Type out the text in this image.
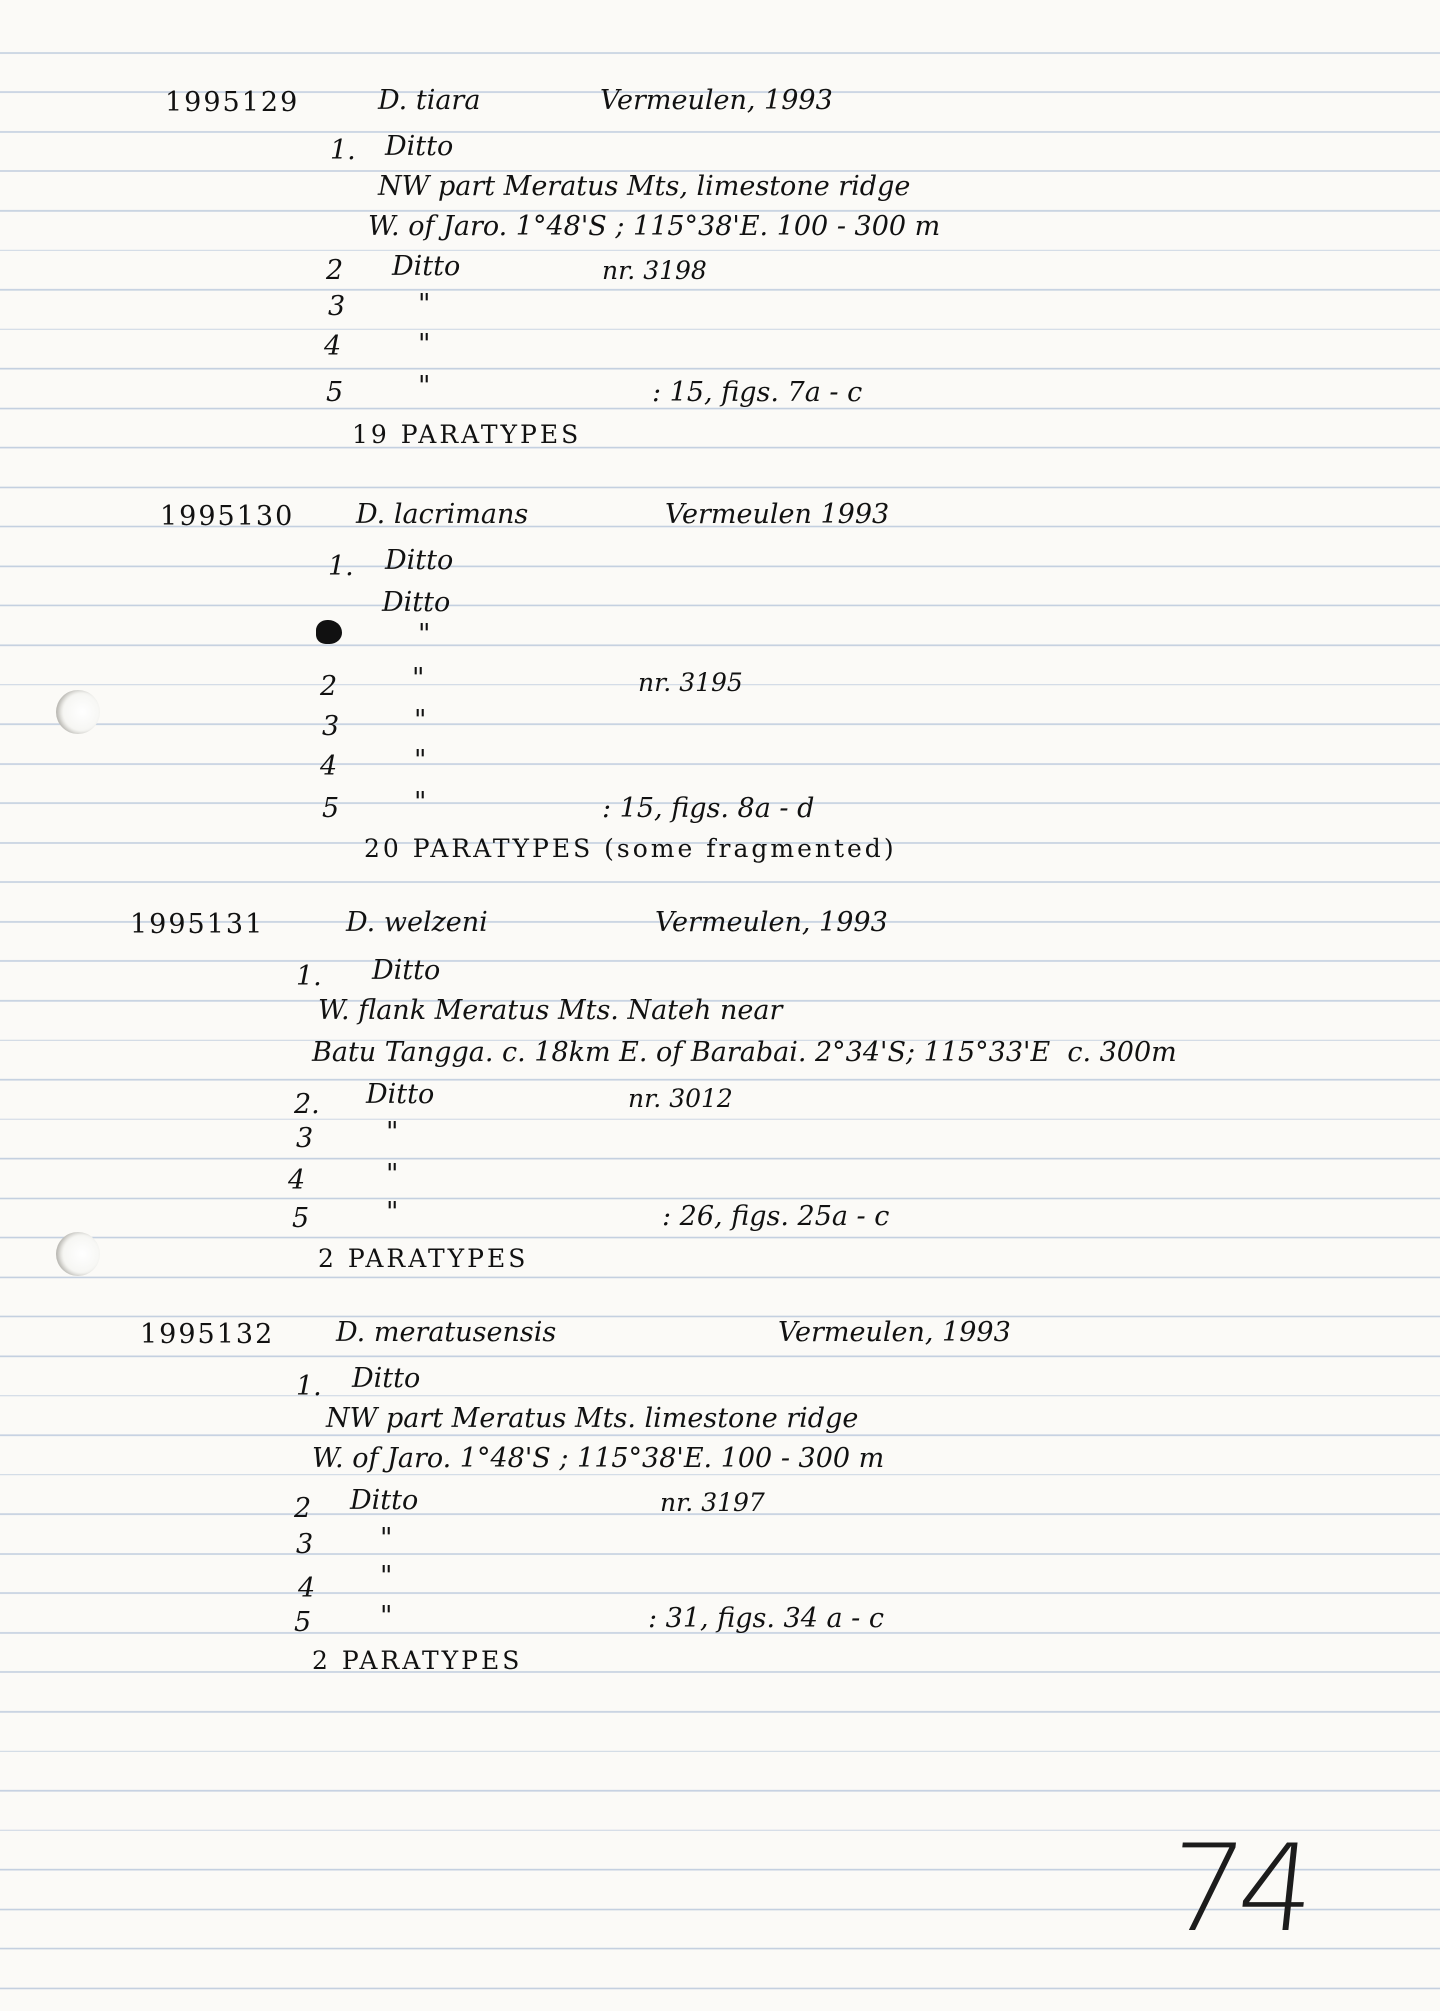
1995129	D. tiara	Vermeulen, 1993
1. Ditto
NW part Meratus Mts, limestone ridge
W. of Jaro. 1°48'S ; 115°38'E. 100 - 300 m
2 Ditto	nr. 3198
3	"
4	"
5	"	: 15, figs. 7a - c
19 PARATYPES
1995130 D. lacrimans	Vermeulen 1993
1. Ditto
Ditto
"
2	"	nr. 3195
3	"
4	"
5	"	: 15, figs. 8a - d
20 PARATYPES (some fragmented)
1995131	D. welzeni	Vermeulen, 1993
1. Ditto
W. flank Meratus Mts. Nateh near
Batu Tangga. c. 18km E. of Barabai. 2°34'S; 115°33'E  c. 300m
2. Ditto	nr. 3012
3	"
4	"
5	"	: 26, figs. 25a - c
2 PARATYPES
1995132 D. meratusensis	Vermeulen, 1993
1. Ditto
NW part Meratus Mts. limestone ridge
W. of Jaro. 1°48'S ; 115°38'E. 100 - 300 m
2 Ditto	nr. 3197
3 "
4 "
5	"	: 31, figs. 34 a - c
2 PARATYPES
74
